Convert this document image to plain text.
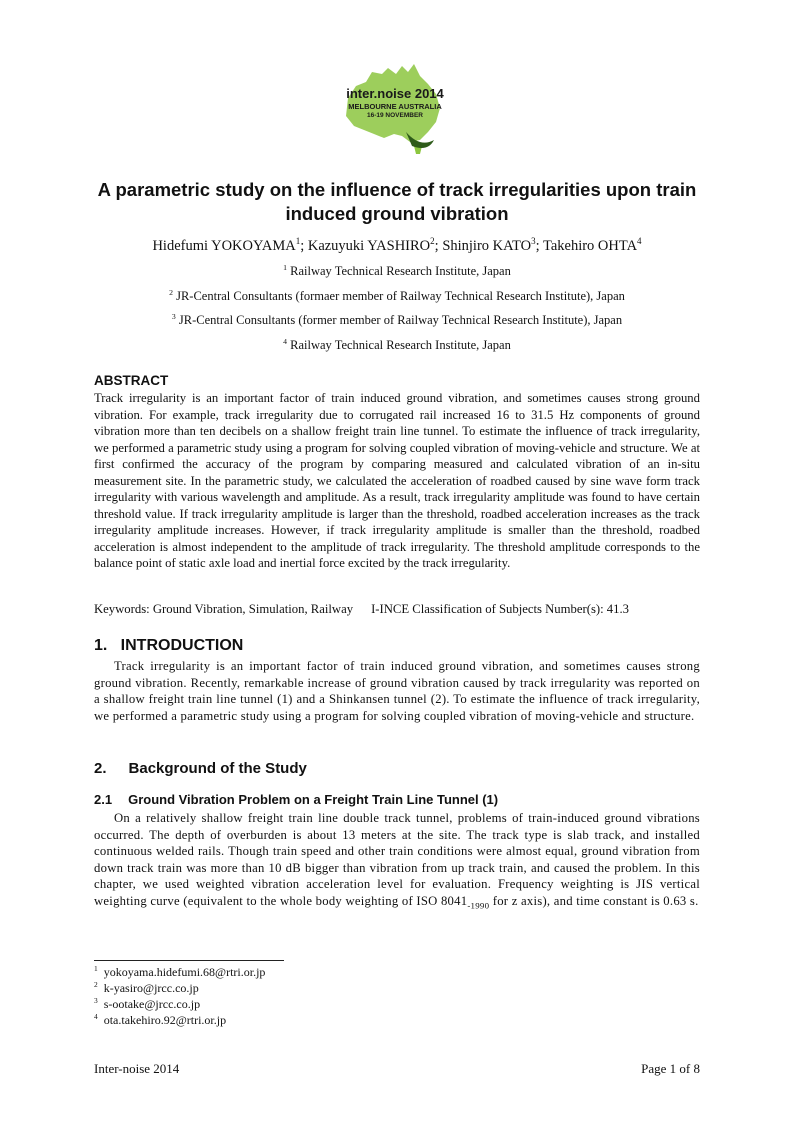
inter.noise 2014
MELBOURNE AUSTRALIA
16-19 NOVEMBER
A parametric study on the influence of track irregularities upon train induced ground vibration
Hidefumi YOKOYAMA$^1$; Kazuyuki YASHIRO$^2$; Shinjiro KATO$^3$; Takehiro OHTA$^4$
$^1$ Railway Technical Research Institute, Japan
$^2$ JR-Central Consultants (formaer member of Railway Technical Research Institute), Japan
$^3$ JR-Central Consultants (former member of Railway Technical Research Institute), Japan
$^4$ Railway Technical Research Institute, Japan
ABSTRACT
Track irregularity is an important factor of train induced ground vibration, and sometimes causes strong ground vibration. For example, track irregularity due to corrugated rail increased 16 to 31.5 Hz components of ground vibration more than ten decibels on a shallow freight train line tunnel. To estimate the influence of track irregularity, we performed a parametric study using a program for solving coupled vibration of moving-vehicle and structure. We at first confirmed the accuracy of the program by comparing measured and calculated vibration of an in-situ measurement site. In the parametric study, we calculated the acceleration of roadbed caused by sine wave form track irregularity with various wavelength and amplitude. As a result, track irregularity amplitude was found to have certain threshold value. If track irregularity amplitude is larger than the threshold, roadbed acceleration increases as the track irregularity amplitude increases. However, if track irregularity amplitude is smaller than the threshold, roadbed acceleration is almost independent to the amplitude of track irregularity. The threshold amplitude corresponds to the balance point of static axle load and inertial force excited by the track irregularity.
Keywords: Ground Vibration, Simulation, Railway I-INCE Classification of Subjects Number(s): 41.3
1.   INTRODUCTION
Track irregularity is an important factor of train induced ground vibration, and sometimes causes strong ground vibration. Recently, remarkable increase of ground vibration caused by track irregularity was reported on a shallow freight train line tunnel (1) and a Shinkansen tunnel (2). To estimate the influence of track irregularity, we performed a parametric study using a program for solving coupled vibration of moving-vehicle and structure.
2. Background of the Study
2.1 Ground Vibration Problem on a Freight Train Line Tunnel (1)
On a relatively shallow freight train line double track tunnel, problems of train-induced ground vibrations occurred. The depth of overburden is about 13 meters at the site. The track type is slab track, and installed continuous welded rails. Though train speed and other train conditions were almost equal, ground vibration from down track train was more than 10 dB bigger than vibration from up track train, and caused the problem. In this chapter, we used weighted vibration acceleration level for evaluation. Frequency weighting is JIS vertical weighting curve (equivalent to the whole body weighting of ISO $8041_{-1990}$ for z axis), and time constant is 0.63 s.
$^1$ yokoyama.hidefumi.68@rtri.or.jp
$^2$ k-yasiro@jrcc.co.jp
$^3$ s-ootake@jrcc.co.jp
$^4$ ota.takehiro.92@rtri.or.jp
Inter-noise 2014	Page 1 of 8
